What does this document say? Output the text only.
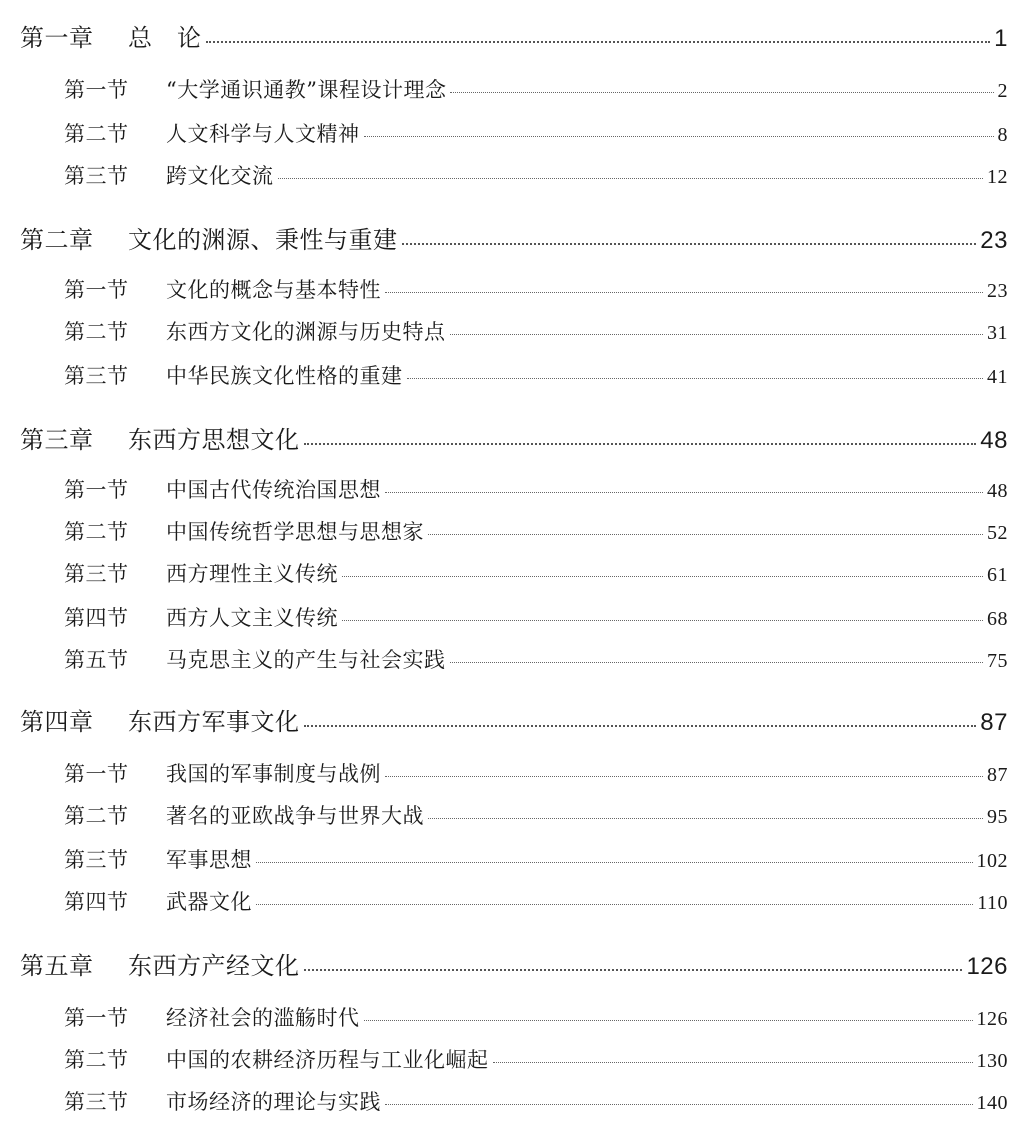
第一章	总　论	1
第一节	“大学通识通教”课程设计理念	2
第二节	人文科学与人文精神	8
第三节	跨文化交流	12
第二章	文化的渊源、秉性与重建	23
第一节	文化的概念与基本特性	23
第二节	东西方文化的渊源与历史特点	31
第三节	中华民族文化性格的重建	41
第三章	东西方思想文化	48
第一节	中国古代传统治国思想	48
第二节	中国传统哲学思想与思想家	52
第三节	西方理性主义传统	61
第四节	西方人文主义传统	68
第五节	马克思主义的产生与社会实践	75
第四章	东西方军事文化	87
第一节	我国的军事制度与战例	87
第二节	著名的亚欧战争与世界大战	95
第三节	军事思想	102
第四节	武器文化	110
第五章	东西方产经文化	126
第一节	经济社会的滥觞时代	126
第二节	中国的农耕经济历程与工业化崛起	130
第三节	市场经济的理论与实践	140
